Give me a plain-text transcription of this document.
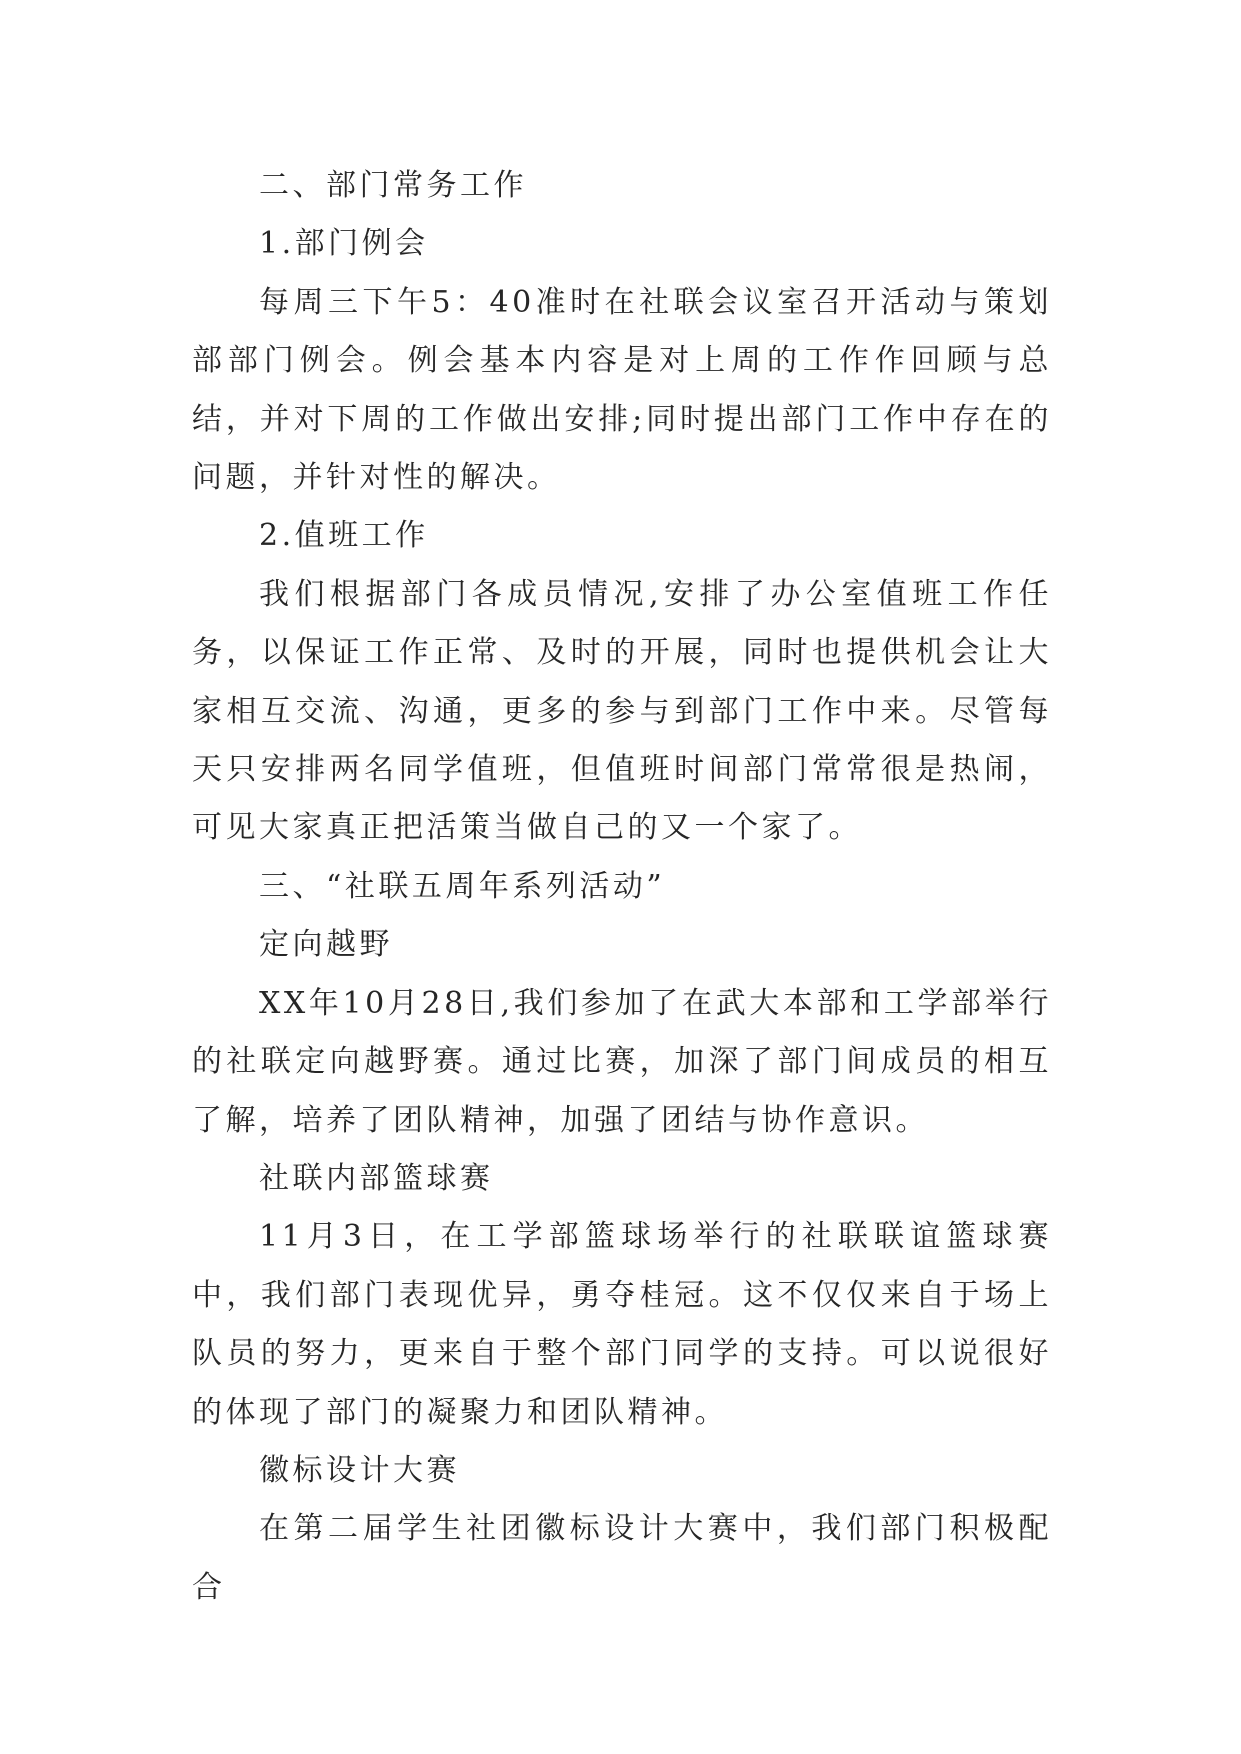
二、部门常务工作

1.部门例会

每周三下午5：40准时在社联会议室召开活动与策划部部门例会。例会基本内容是对上周的工作作回顾与总结，并对下周的工作做出安排;同时提出部门工作中存在的问题，并针对性的解决。

2.值班工作

我们根据部门各成员情况,安排了办公室值班工作任务，以保证工作正常、及时的开展，同时也提供机会让大家相互交流、沟通，更多的参与到部门工作中来。尽管每天只安排两名同学值班，但值班时间部门常常很是热闹，可见大家真正把活策当做自己的又一个家了。

三、“社联五周年系列活动”

定向越野

XX年10月28日,我们参加了在武大本部和工学部举行的社联定向越野赛。通过比赛，加深了部门间成员的相互了解，培养了团队精神，加强了团结与协作意识。

社联内部篮球赛

11月3日，在工学部篮球场举行的社联联谊篮球赛中，我们部门表现优异，勇夺桂冠。这不仅仅来自于场上队员的努力，更来自于整个部门同学的支持。可以说很好的体现了部门的凝聚力和团队精神。

徽标设计大赛

在第二届学生社团徽标设计大赛中，我们部门积极配合
